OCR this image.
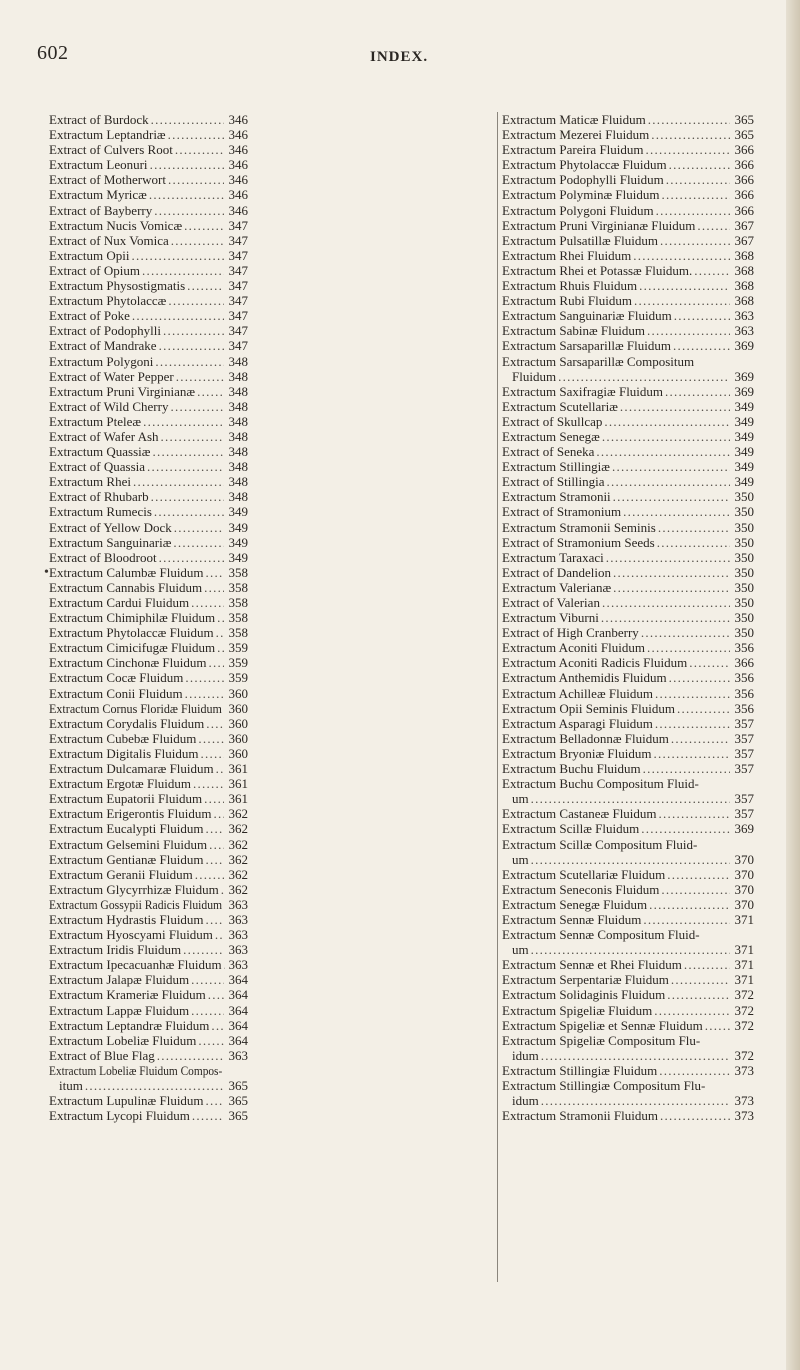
602	INDEX.
Extract of Burdock . . .	346
Extractum Leptandriæ . . .	346
Extract of Culvers Root . . .	346
Extractum Leonuri . . .	346
Extract of Motherwort . . .	346
Extractum Myricæ . . .	346
Extract of Bayberry . . .	346
Extractum Nucis Vomicæ . . .	347
Extract of Nux Vomica . . .	347
Extractum Opii . . .	347
Extract of Opium . . .	347
Extractum Physostigmatis . . .	347
Extractum Phytolaccæ . . .	347
Extract of Poke . . .	347
Extract of Podophylli . . .	347
Extract of Mandrake . . .	347
Extractum Polygoni . . .	348
Extract of Water Pepper . . .	348
Extractum Pruni Virginianæ . . .	348
Extract of Wild Cherry . . .	348
Extractum Pteleæ . . .	348
Extract of Wafer Ash . . .	348
Extractum Quassiæ . . .	348
Extract of Quassia . . .	348
Extractum Rhei . . .	348
Extract of Rhubarb . . .	348
Extractum Rumecis . . .	349
Extract of Yellow Dock . . .	349
Extractum Sanguinariæ . . .	349
Extract of Bloodroot . . .	349
Extractum Calumbæ Fluidum . . . 358
Extractum Cannabis Fluidum . . . 358
Extractum Cardui Fluidum . . .	358
Extractum Chimiphilæ Fluidum . . . 358
Extractum Phytolaccæ Fluidum . . . 358
Extractum Cimicifugæ Fluidum . . . 359
Extractum Cinchonæ Fluidum . . . 359
Extractum Cocæ Fluidum . . .	359
Extractum Conii Fluidum . . .	360
Extractum Cornus Floridæ Fluidum 360
Extractum Corydalis Fluidum . . . 360
Extractum Cubebæ Fluidum . . . 360
Extractum Digitalis Fluidum . . . 360
Extractum Dulcamaræ Fluidum . . . 361
Extractum Ergotæ Fluidum . . .	361
Extractum Eupatorii Fluidum . . . 361
Extractum Erigerontis Fluidum . . . 362
Extractum Eucalypti Fluidum . . . 362
Extractum Gelsemini Fluidum . . . 362
Extractum Gentianæ Fluidum . . . 362
Extractum Geranii Fluidum . . .	362
Extractum Glycyrrhizæ Fluidum . . . 362
Extractum Gossypii Radicis Fluidum 363
Extractum Hydrastis Fluidum . . . 363
Extractum Hyoscyami Fluidum . . . 363
Extractum Iridis Fluidum . . .	363
Extractum Ipecacuanhæ Fluidum . . . 363
Extractum Jalapæ Fluidum . . .	364
Extractum Krameriæ Fluidum . . . 364
Extractum Lappæ Fluidum . . .	364
Extractum Leptandræ Fluidum . . . 364
Extractum Lobeliæ Fluidum . . . 364
Extract of Blue Flag . . .	363
Extractum Lobeliæ Fluidum Compos-
itum . . .	365
Extractum Lupulinæ Fluidum . . . 365
Extractum Lycopi Fluidum . . .	365
Extractum Maticæ Fluidum . . .	365
Extractum Mezerei Fluidum . . .	365
Extractum Pareira Fluidum . . .	366
Extractum Phytolaccæ Fluidum . . .	366
Extractum Podophylli Fluidum . . .	366
Extractum Polyminæ Fluidum . . .	366
Extractum Polygoni Fluidum . . .	366
Extractum Pruni Virginianæ Fluidum . . .	367
Extractum Pulsatillæ Fluidum . . .	367
Extractum Rhei Fluidum . . .	368
Extractum Rhei et Potassæ Fluidum. . . .	368
Extractum Rhuis Fluidum . . .	368
Extractum Rubi Fluidum . . .	368
Extractum Sanguinariæ Fluidum . . .	363
Extractum Sabinæ Fluidum . . .	363
Extractum Sarsaparillæ Fluidum . . .	369
Extractum Sarsaparillæ Compositum
Fluidum . . .	369
Extractum Saxifragiæ Fluidum . . .	369
Extractum Scutellariæ . . .	349
Extract of Skullcap . . .	349
Extractum Senegæ . . .	349
Extract of Seneka . . .	349
Extractum Stillingiæ . . .	349
Extract of Stillingia . . .	349
Extractum Stramonii . . .	350
Extract of Stramonium . . .	350
Extractum Stramonii Seminis . . .	350
Extract of Stramonium Seeds . . .	350
Extractum Taraxaci . . .	350
Extract of Dandelion . . .	350
Extractum Valerianæ . . .	350
Extract of Valerian . . .	350
Extractum Viburni . . .	350
Extract of High Cranberry . . .	350
Extractum Aconiti Fluidum . . .	356
Extractum Aconiti Radicis Fluidum . . .	366
Extractum Anthemidis Fluidum . . .	356
Extractum Achilleæ Fluidum . . .	356
Extractum Opii Seminis Fluidum . . .	356
Extractum Asparagi Fluidum . . .	357
Extractum Belladonnæ Fluidum . . .	357
Extractum Bryoniæ Fluidum . . .	357
Extractum Buchu Fluidum . . .	357
Extractum Buchu Compositum Fluid-
um . . .	357
Extractum Castaneæ Fluidum . . .	357
Extractum Scillæ Fluidum . . .	369
Extractum Scillæ Compositum Fluid-
um . . .	370
Extractum Scutellariæ Fluidum . . .	370
Extractum Seneconis Fluidum . . .	370
Extractum Senegæ Fluidum . . .	370
Extractum Sennæ Fluidum . . .	371
Extractum Sennæ Compositum Fluid-
um . . .	371
Extractum Sennæ et Rhei Fluidum . . .	371
Extractum Serpentariæ Fluidum . . .	371
Extractum Solidaginis Fluidum . . .	372
Extractum Spigeliæ Fluidum . . .	372
Extractum Spigeliæ et Sennæ Fluidum . . . 372
Extractum Spigeliæ Compositum Flu-
idum . . .	372
Extractum Stillingiæ Fluidum . . .	373
Extractum Stillingiæ Compositum Flu-
idum . . .	373
Extractum Stramonii Fluidum . . .	373
•
